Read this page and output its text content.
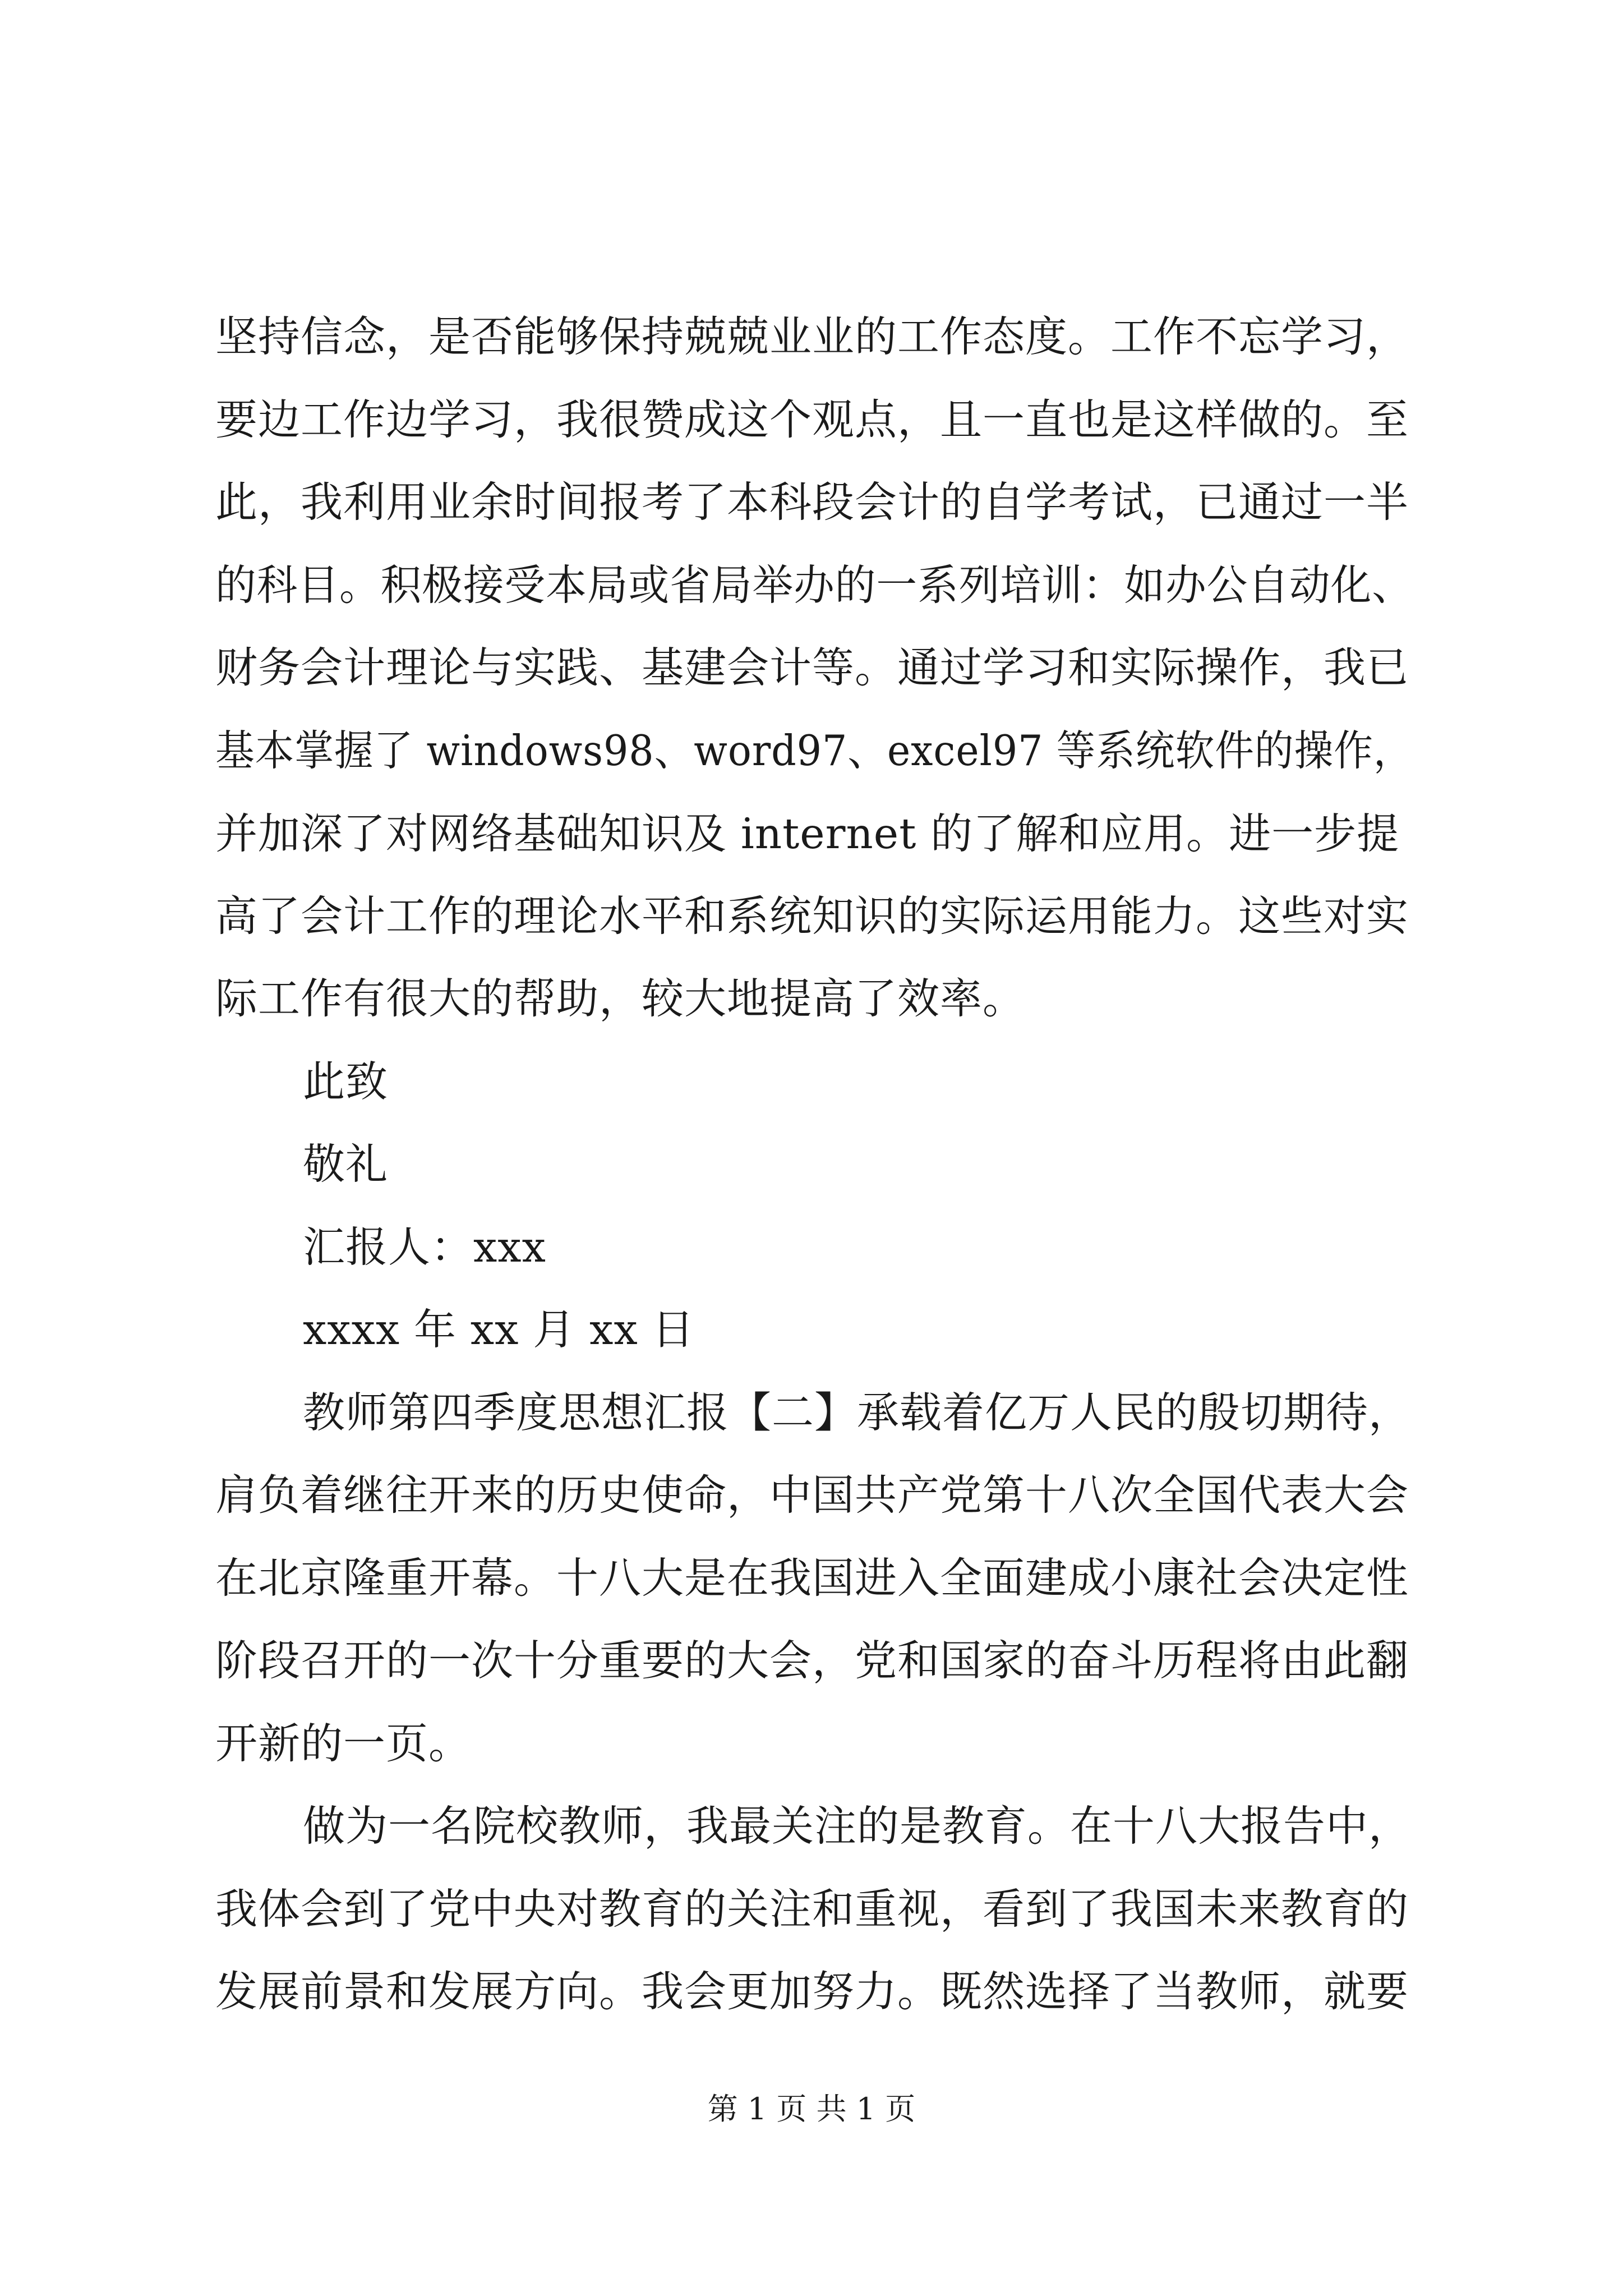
坚持信念，是否能够保持兢兢业业的工作态度。工作不忘学习，
要边工作边学习，我很赞成这个观点，且一直也是这样做的。至
此，我利用业余时间报考了本科段会计的自学考试，已通过一半
的科目。积极接受本局或省局举办的一系列培训：如办公自动化、
财务会计理论与实践、基建会计等。通过学习和实际操作，我已
基本掌握了 windows98、word97、excel97 等系统软件的操作，
并加深了对网络基础知识及 internet 的了解和应用。进一步提
高了会计工作的理论水平和系统知识的实际运用能力。这些对实
际工作有很大的帮助，较大地提高了效率。
此致
敬礼
汇报人：xxx
xxxx 年 xx 月 xx 日
教师第四季度思想汇报【二】承载着亿万人民的殷切期待，
肩负着继往开来的历史使命，中国共产党第十八次全国代表大会
在北京隆重开幕。十八大是在我国进入全面建成小康社会决定性
阶段召开的一次十分重要的大会，党和国家的奋斗历程将由此翻
开新的一页。
做为一名院校教师，我最关注的是教育。在十八大报告中，
我体会到了党中央对教育的关注和重视，看到了我国未来教育的
发展前景和发展方向。我会更加努力。既然选择了当教师，就要
第 1 页 共 1 页
